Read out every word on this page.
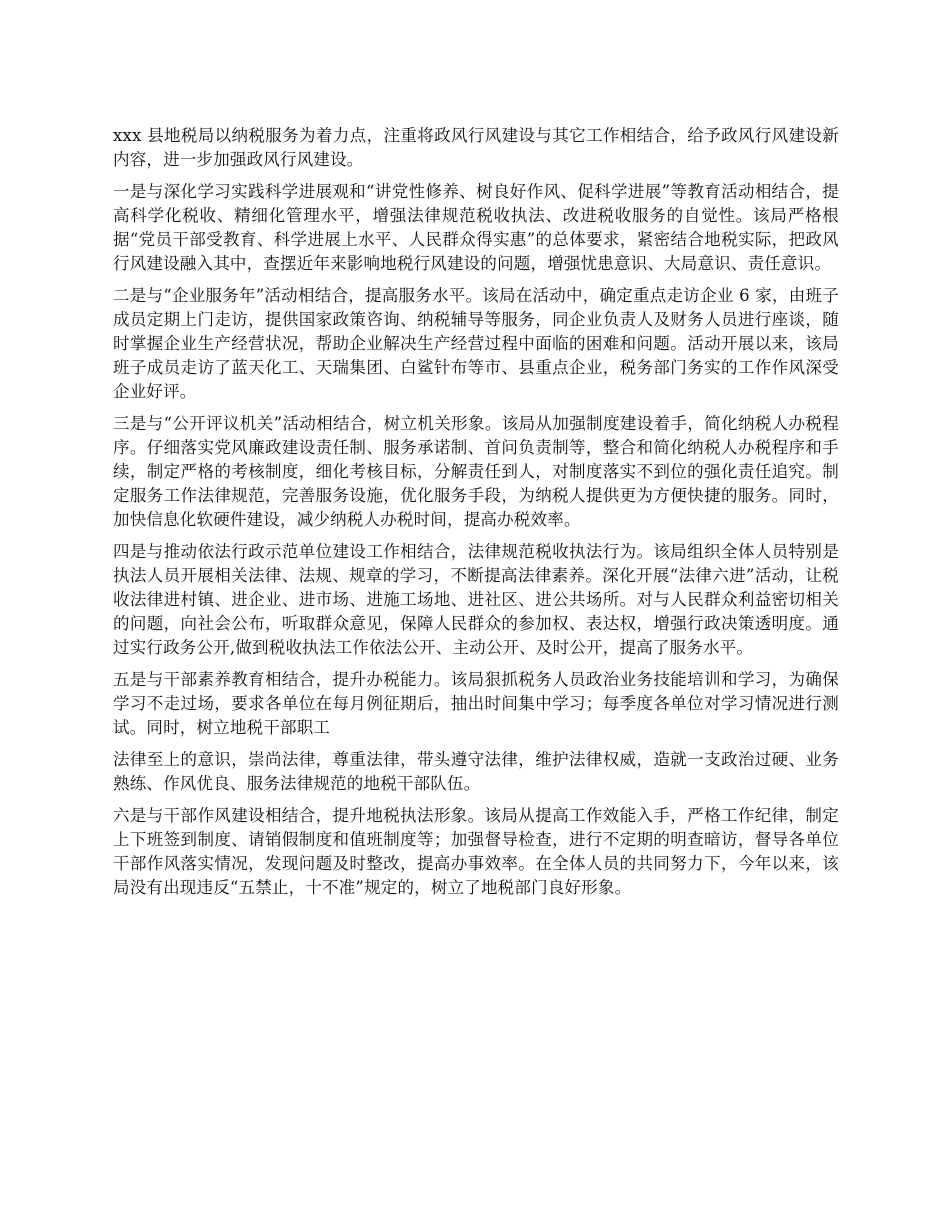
xxx 县地税局以纳税服务为着力点，注重将政风行风建设与其它工作相结合，给予政风行风建设新内容，进一步加强政风行风建设。

一是与深化学习实践科学进展观和“讲党性修养、树良好作风、促科学进展”等教育活动相结合，提高科学化税收、精细化管理水平，增强法律规范税收执法、改进税收服务的自觉性。该局严格根据“党员干部受教育、科学进展上水平、人民群众得实惠”的总体要求，紧密结合地税实际，把政风行风建设融入其中，查摆近年来影响地税行风建设的问题，增强忧患意识、大局意识、责任意识。

二是与“企业服务年”活动相结合，提高服务水平。该局在活动中，确定重点走访企业 6 家，由班子成员定期上门走访，提供国家政策咨询、纳税辅导等服务，同企业负责人及财务人员进行座谈，随时掌握企业生产经营状况，帮助企业解决生产经营过程中面临的困难和问题。活动开展以来，该局班子成员走访了蓝天化工、天瑞集团、白鲨针布等市、县重点企业，税务部门务实的工作作风深受企业好评。

三是与“公开评议机关”活动相结合，树立机关形象。该局从加强制度建设着手，简化纳税人办税程序。仔细落实党风廉政建设责任制、服务承诺制、首问负责制等，整合和简化纳税人办税程序和手续，制定严格的考核制度，细化考核目标，分解责任到人，对制度落实不到位的强化责任追究。制定服务工作法律规范，完善服务设施，优化服务手段，为纳税人提供更为方便快捷的服务。同时，加快信息化软硬件建设，减少纳税人办税时间，提高办税效率。

四是与推动依法行政示范单位建设工作相结合，法律规范税收执法行为。该局组织全体人员特别是执法人员开展相关法律、法规、规章的学习，不断提高法律素养。深化开展“法律六进”活动，让税收法律进村镇、进企业、进市场、进施工场地、进社区、进公共场所。对与人民群众利益密切相关的问题，向社会公布，听取群众意见，保障人民群众的参加权、表达权，增强行政决策透明度。通过实行政务公开,做到税收执法工作依法公开、主动公开、及时公开，提高了服务水平。

五是与干部素养教育相结合，提升办税能力。该局狠抓税务人员政治业务技能培训和学习，为确保学习不走过场，要求各单位在每月例征期后，抽出时间集中学习；每季度各单位对学习情况进行测试。同时，树立地税干部职工

法律至上的意识，崇尚法律，尊重法律，带头遵守法律，维护法律权威，造就一支政治过硬、业务熟练、作风优良、服务法律规范的地税干部队伍。

六是与干部作风建设相结合，提升地税执法形象。该局从提高工作效能入手，严格工作纪律，制定上下班签到制度、请销假制度和值班制度等；加强督导检查，进行不定期的明查暗访，督导各单位干部作风落实情况，发现问题及时整改，提高办事效率。在全体人员的共同努力下，今年以来，该局没有出现违反“五禁止，十不准”规定的，树立了地税部门良好形象。
